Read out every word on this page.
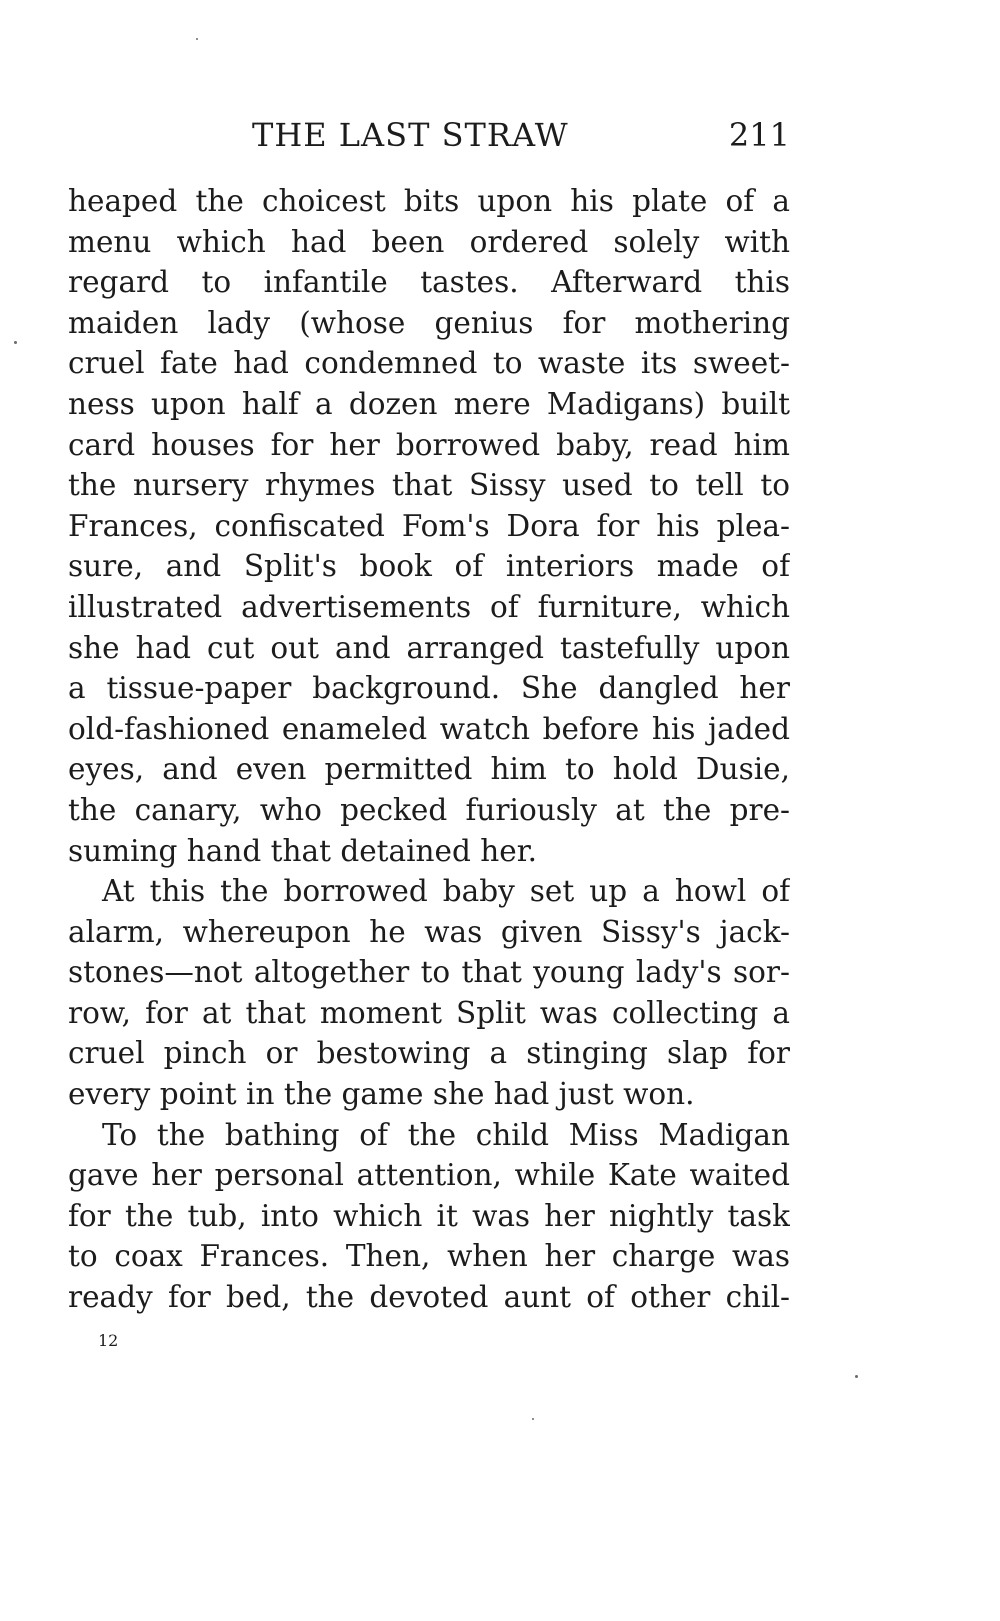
THE LAST STRAW	211
heaped the choicest bits upon his plate of a
menu which had been ordered solely with
regard to infantile tastes. Afterward this
maiden lady (whose genius for mothering
cruel fate had condemned to waste its sweet-
ness upon half a dozen mere Madigans) built
card houses for her borrowed baby, read him
the nursery rhymes that Sissy used to tell to
Frances, confiscated Fom's Dora for his plea-
sure, and Split's book of interiors made of
illustrated advertisements of furniture, which
she had cut out and arranged tastefully upon
a tissue-paper background. She dangled her
old-fashioned enameled watch before his jaded
eyes, and even permitted him to hold Dusie,
the canary, who pecked furiously at the pre-
suming hand that detained her.
At this the borrowed baby set up a howl of
alarm, whereupon he was given Sissy's jack-
stones—not altogether to that young lady's sor-
row, for at that moment Split was collecting a
cruel pinch or bestowing a stinging slap for
every point in the game she had just won.
To the bathing of the child Miss Madigan
gave her personal attention, while Kate waited
for the tub, into which it was her nightly task
to coax Frances. Then, when her charge was
ready for bed, the devoted aunt of other chil-
12
